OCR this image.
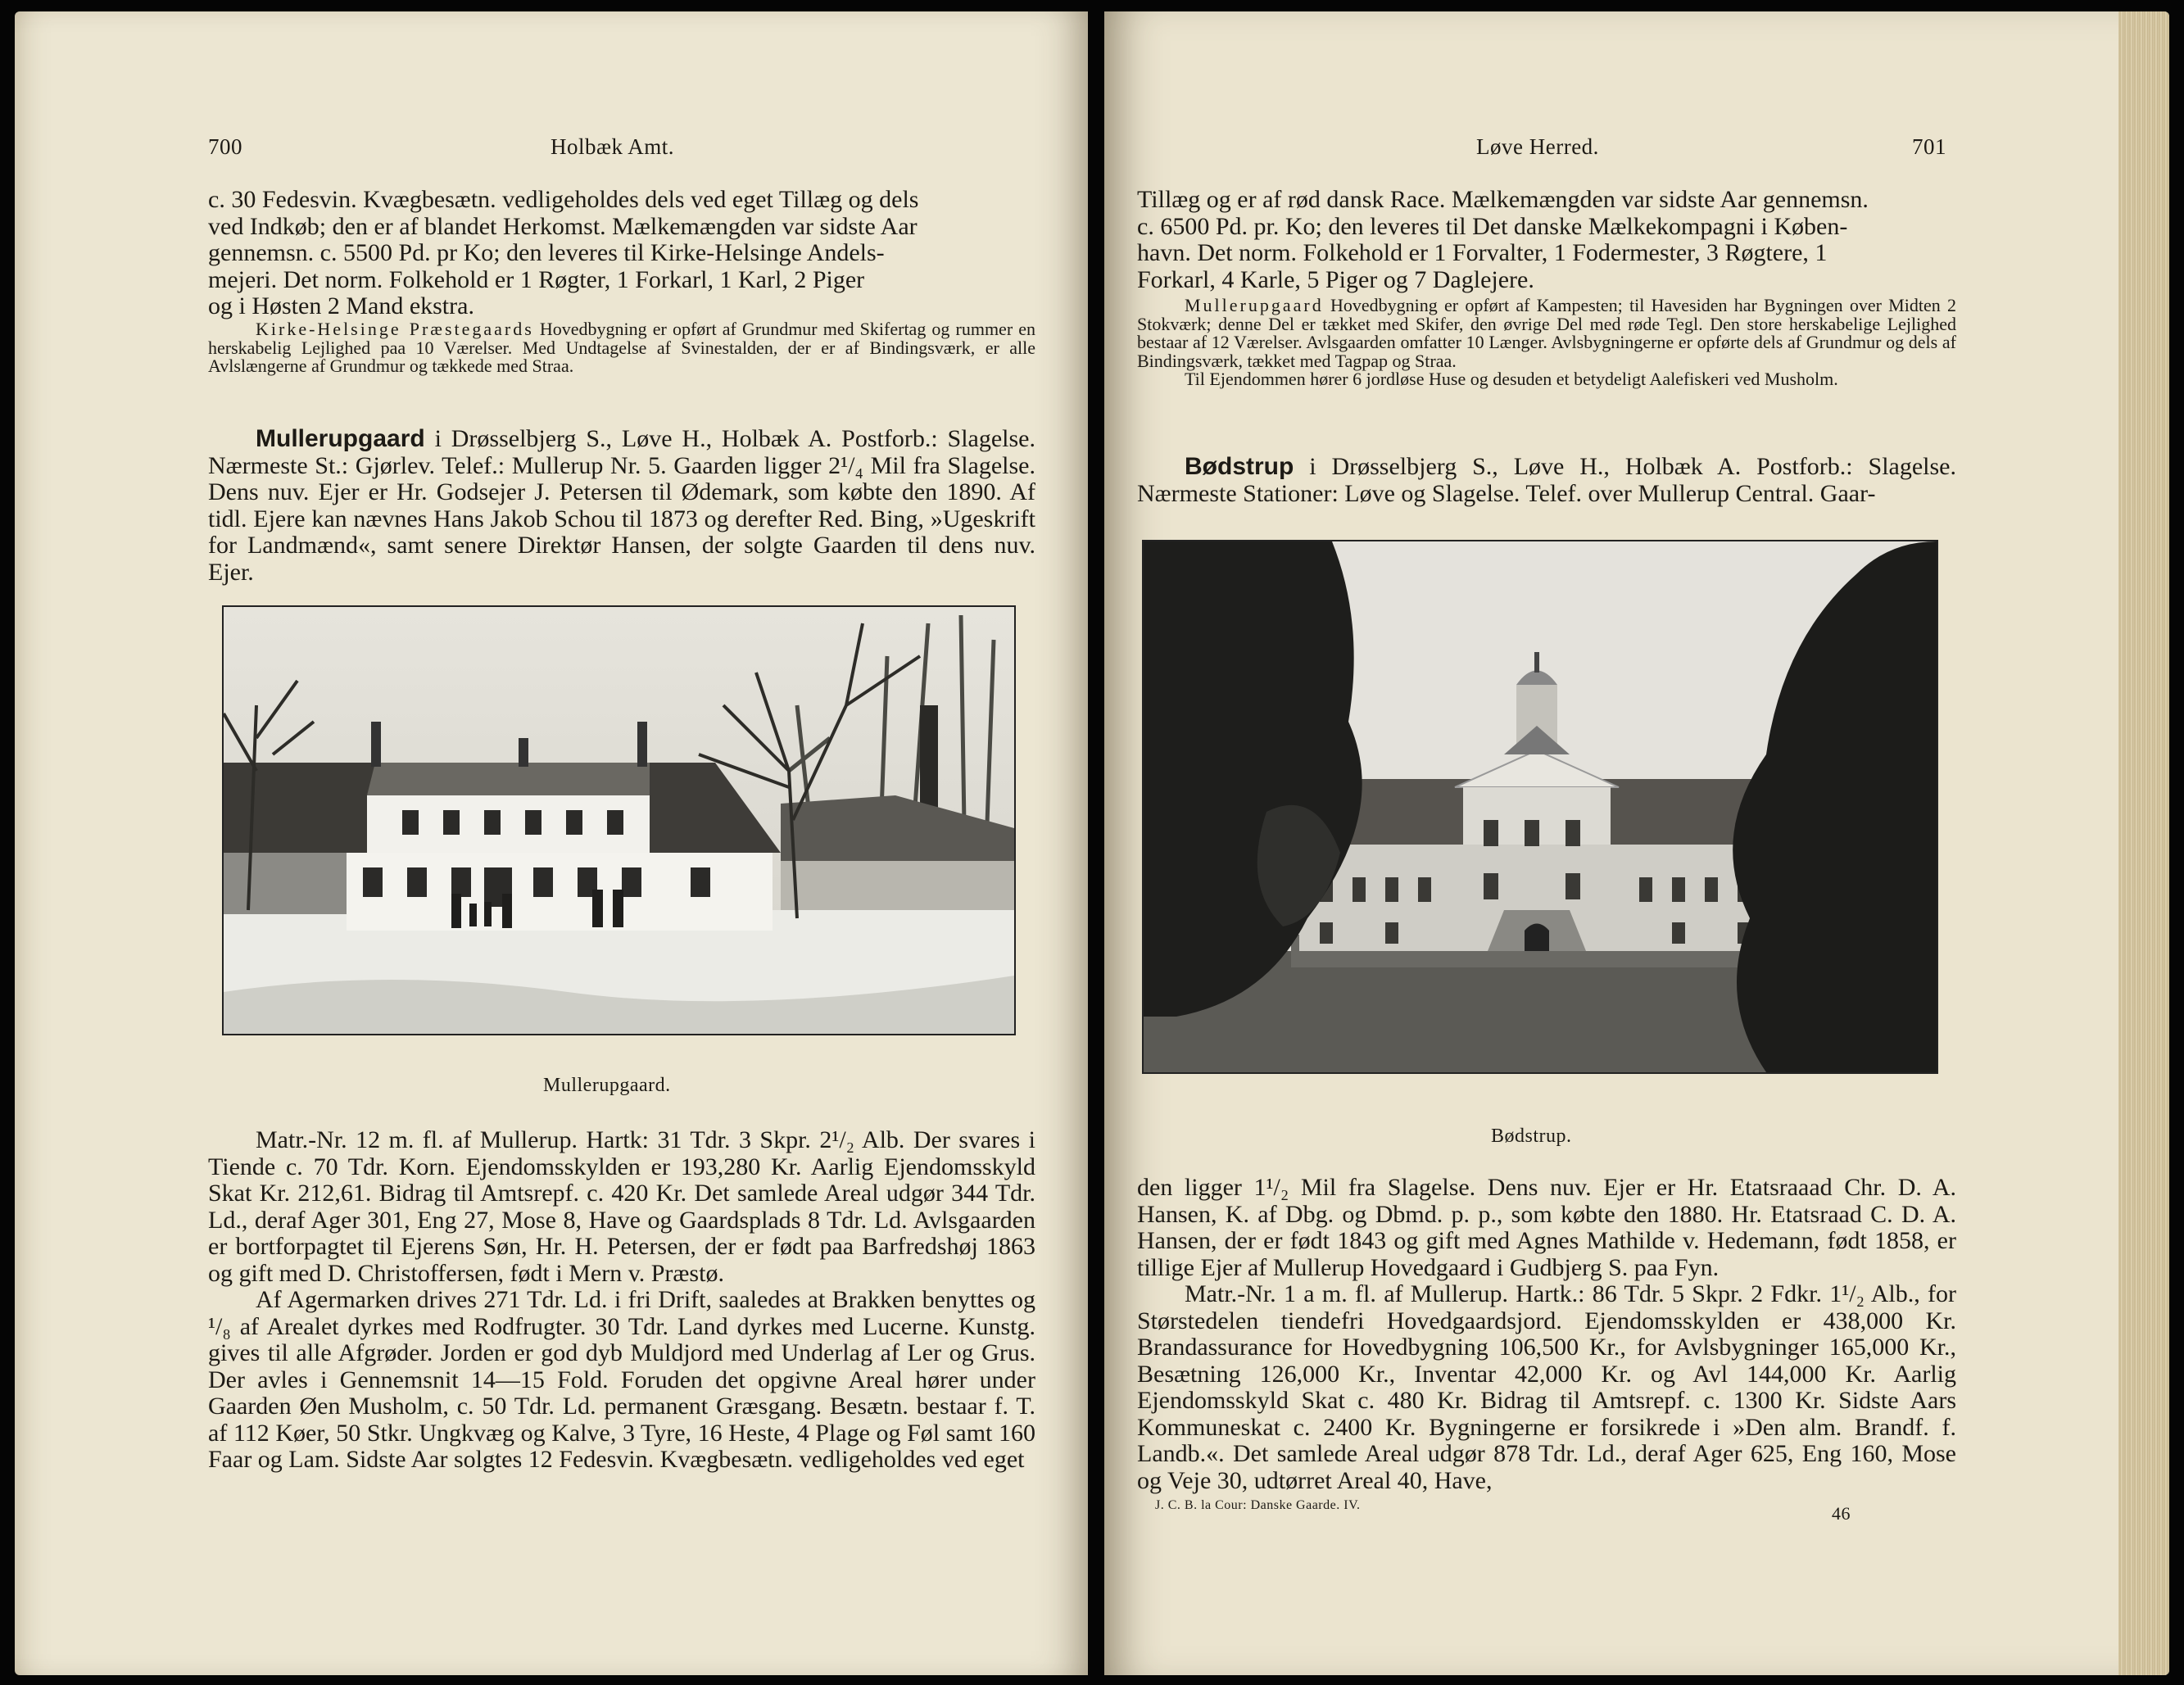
700	Holbæk Amt.

c. 30 Fedesvin. Kvægbesætn. vedligeholdes dels ved eget Tillæg og dels

ved Indkøb; den er af blandet Herkomst. Mælkemængden var sidste Aar

gennemsn. c. 5500 Pd. pr Ko; den leveres til Kirke-Helsinge Andels-

mejeri. Det norm. Folkehold er 1 Røgter, 1 Forkarl, 1 Karl, 2 Piger

og i Høsten 2 Mand ekstra.

Kirke-Helsinge Præstegaards Hovedbygning er opført af Grundmur med Skifertag og rummer en herskabelig Lejlighed paa 10 Værelser. Med Undtagelse af Svinestalden, der er af Bindingsværk, er alle Avlslængerne af Grundmur og tækkede med Straa.

Mullerupgaard i Drøsselbjerg S., Løve H., Holbæk A. Postforb.: Slagelse. Nærmeste St.: Gjørlev. Telef.: Mullerup Nr. 5. Gaarden ligger 2¹/₄ Mil fra Slagelse. Dens nuv. Ejer er Hr. Godsejer J. Petersen til Ødemark, som købte den 1890. Af tidl. Ejere kan nævnes Hans Jakob Schou til 1873 og derefter Red. Bing, »Ugeskrift for Landmænd«, samt senere Direktør Hansen, der solgte Gaarden til dens nuv. Ejer.

Mullerupgaard.

Matr.-Nr. 12 m. fl. af Mullerup. Hartk: 31 Tdr. 3 Skpr. 2¹/₂ Alb. Der svares i Tiende c. 70 Tdr. Korn. Ejendomsskylden er 193,280 Kr. Aarlig Ejendomsskyld Skat Kr. 212,61. Bidrag til Amtsrepf. c. 420 Kr. Det samlede Areal udgør 344 Tdr. Ld., deraf Ager 301, Eng 27, Mose 8, Have og Gaardsplads 8 Tdr. Ld. Avlsgaarden er bortforpagtet til Ejerens Søn, Hr. H. Petersen, der er født paa Barfredshøj 1863 og gift med D. Christoffersen, født i Mern v. Præstø.

Af Agermarken drives 271 Tdr. Ld. i fri Drift, saaledes at Brakken benyttes og ¹/₈ af Arealet dyrkes med Rodfrugter. 30 Tdr. Land dyrkes med Lucerne. Kunstg. gives til alle Afgrøder. Jorden er god dyb Muldjord med Underlag af Ler og Grus. Der avles i Gennemsnit 14—15 Fold. Foruden det opgivne Areal hører under Gaarden Øen Musholm, c. 50 Tdr. Ld. permanent Græsgang. Besætn. bestaar f. T. af 112 Køer, 50 Stkr. Ungkvæg og Kalve, 3 Tyre, 16 Heste, 4 Plage og Føl samt 160 Faar og Lam. Sidste Aar solgtes 12 Fedesvin. Kvægbesætn. vedligeholdes ved eget

Løve Herred.	701

Tillæg og er af rød dansk Race. Mælkemængden var sidste Aar gennemsn.

c. 6500 Pd. pr. Ko; den leveres til Det danske Mælkekompagni i Køben-

havn. Det norm. Folkehold er 1 Forvalter, 1 Fodermester, 3 Røgtere, 1

Forkarl, 4 Karle, 5 Piger og 7 Daglejere.

Mullerupgaard Hovedbygning er opført af Kampesten; til Havesiden har Bygningen over Midten 2 Stokværk; denne Del er tækket med Skifer, den øvrige Del med røde Tegl. Den store herskabelige Lejlighed bestaar af 12 Værelser. Avlsgaarden omfatter 10 Længer. Avlsbygningerne er opførte dels af Grundmur og dels af Bindingsværk, tækket med Tagpap og Straa.

Til Ejendommen hører 6 jordløse Huse og desuden et betydeligt Aalefiskeri ved Musholm.

Bødstrup i Drøsselbjerg S., Løve H., Holbæk A. Postforb.: Slagelse. Nærmeste Stationer: Løve og Slagelse. Telef. over Mullerup Central. Gaar-

Bødstrup.

den ligger 1¹/₂ Mil fra Slagelse. Dens nuv. Ejer er Hr. Etatsraaad Chr. D. A. Hansen, K. af Dbg. og Dbmd. p. p., som købte den 1880. Hr. Etatsraad C. D. A. Hansen, der er født 1843 og gift med Agnes Mathilde v. Hedemann, født 1858, er tillige Ejer af Mullerup Hovedgaard i Gudbjerg S. paa Fyn.

Matr.-Nr. 1 a m. fl. af Mullerup. Hartk.: 86 Tdr. 5 Skpr. 2 Fdkr. 1¹/₂ Alb., for Størstedelen tiendefri Hovedgaardsjord. Ejendomsskylden er 438,000 Kr. Brandassurance for Hovedbygning 106,500 Kr., for Avlsbygninger 165,000 Kr., Besætning 126,000 Kr., Inventar 42,000 Kr. og Avl 144,000 Kr. Aarlig Ejendomsskyld Skat c. 480 Kr. Bidrag til Amtsrepf. c. 1300 Kr. Sidste Aars Kommuneskat c. 2400 Kr. Bygningerne er forsikrede i »Den alm. Brandf. f. Landb.«. Det samlede Areal udgør 878 Tdr. Ld., deraf Ager 625, Eng 160, Mose og Veje 30, udtørret Areal 40, Have,

J. C. B. la Cour: Danske Gaarde. IV.	46
